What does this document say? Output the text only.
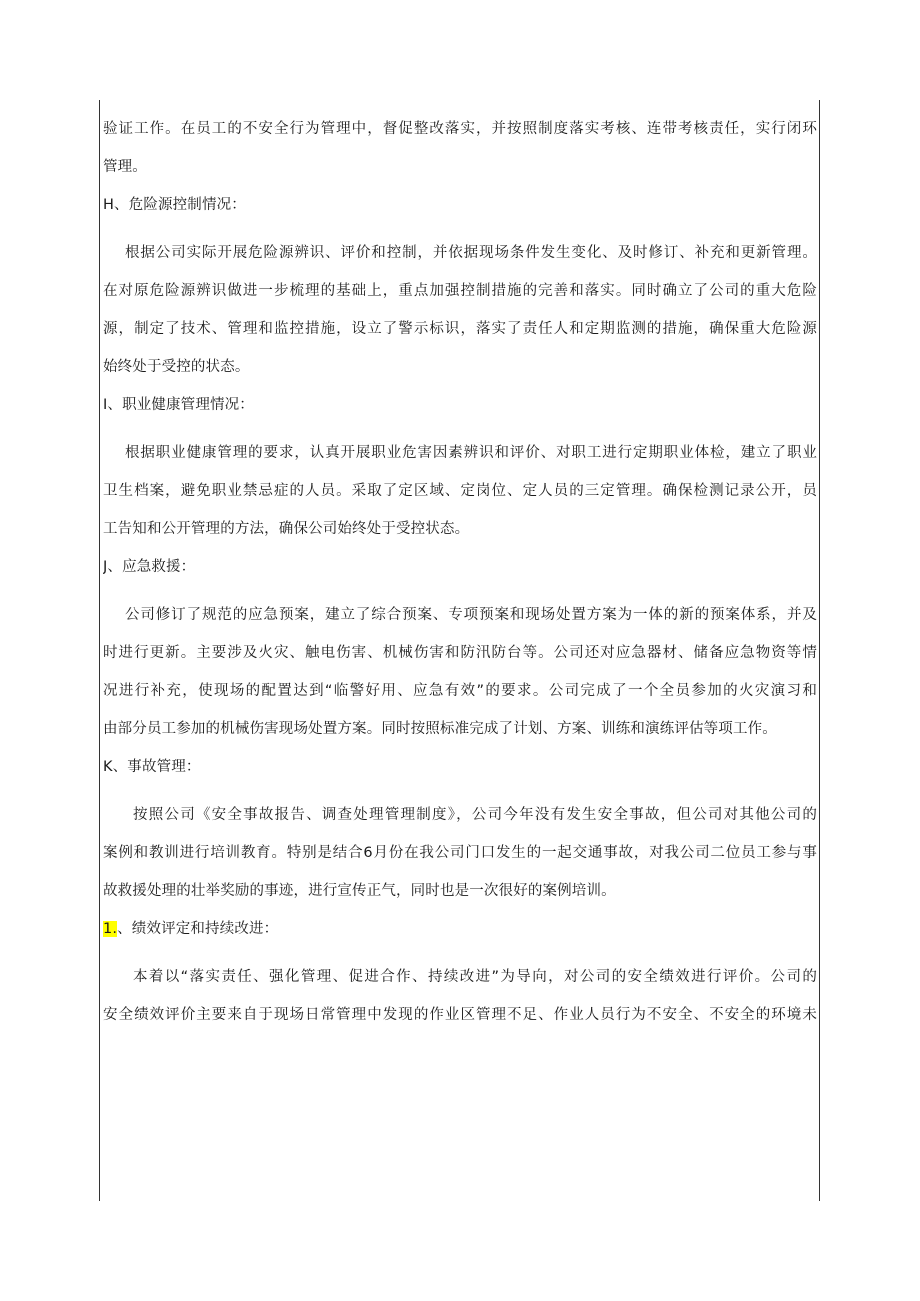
验证工作。在员工的不安全行为管理中，督促整改落实，并按照制度落实考核、连带考核责任，实行闭环
管理。
H、危险源控制情况：
根据公司实际开展危险源辨识、评价和控制，并依据现场条件发生变化、及时修订、补充和更新管理。
在对原危险源辨识做进一步梳理的基础上，重点加强控制措施的完善和落实。同时确立了公司的重大危险
源，制定了技术、管理和监控措施，设立了警示标识，落实了责任人和定期监测的措施，确保重大危险源
始终处于受控的状态。
I、职业健康管理情况：
根据职业健康管理的要求，认真开展职业危害因素辨识和评价、对职工进行定期职业体检，建立了职业
卫生档案，避免职业禁忌症的人员。采取了定区域、定岗位、定人员的三定管理。确保检测记录公开，员
工告知和公开管理的方法，确保公司始终处于受控状态。
J、应急救援：
公司修订了规范的应急预案，建立了综合预案、专项预案和现场处置方案为一体的新的预案体系，并及
时进行更新。主要涉及火灾、触电伤害、机械伤害和防汛防台等。公司还对应急器材、储备应急物资等情
况进行补充，使现场的配置达到“临警好用、应急有效”的要求。公司完成了一个全员参加的火灾演习和
由部分员工参加的机械伤害现场处置方案。同时按照标准完成了计划、方案、训练和演练评估等项工作。
K、事故管理：
按照公司《安全事故报告、调查处理管理制度》，公司今年没有发生安全事故，但公司对其他公司的
案例和教训进行培训教育。特别是结合6月份在我公司门口发生的一起交通事故，对我公司二位员工参与事
故救援处理的壮举奖励的事迹，进行宣传正气，同时也是一次很好的案例培训。
1.、绩效评定和持续改进：
本着以“落实责任、强化管理、促进合作、持续改进”为导向，对公司的安全绩效进行评价。公司的
安全绩效评价主要来自于现场日常管理中发现的作业区管理不足、作业人员行为不安全、不安全的环境未
